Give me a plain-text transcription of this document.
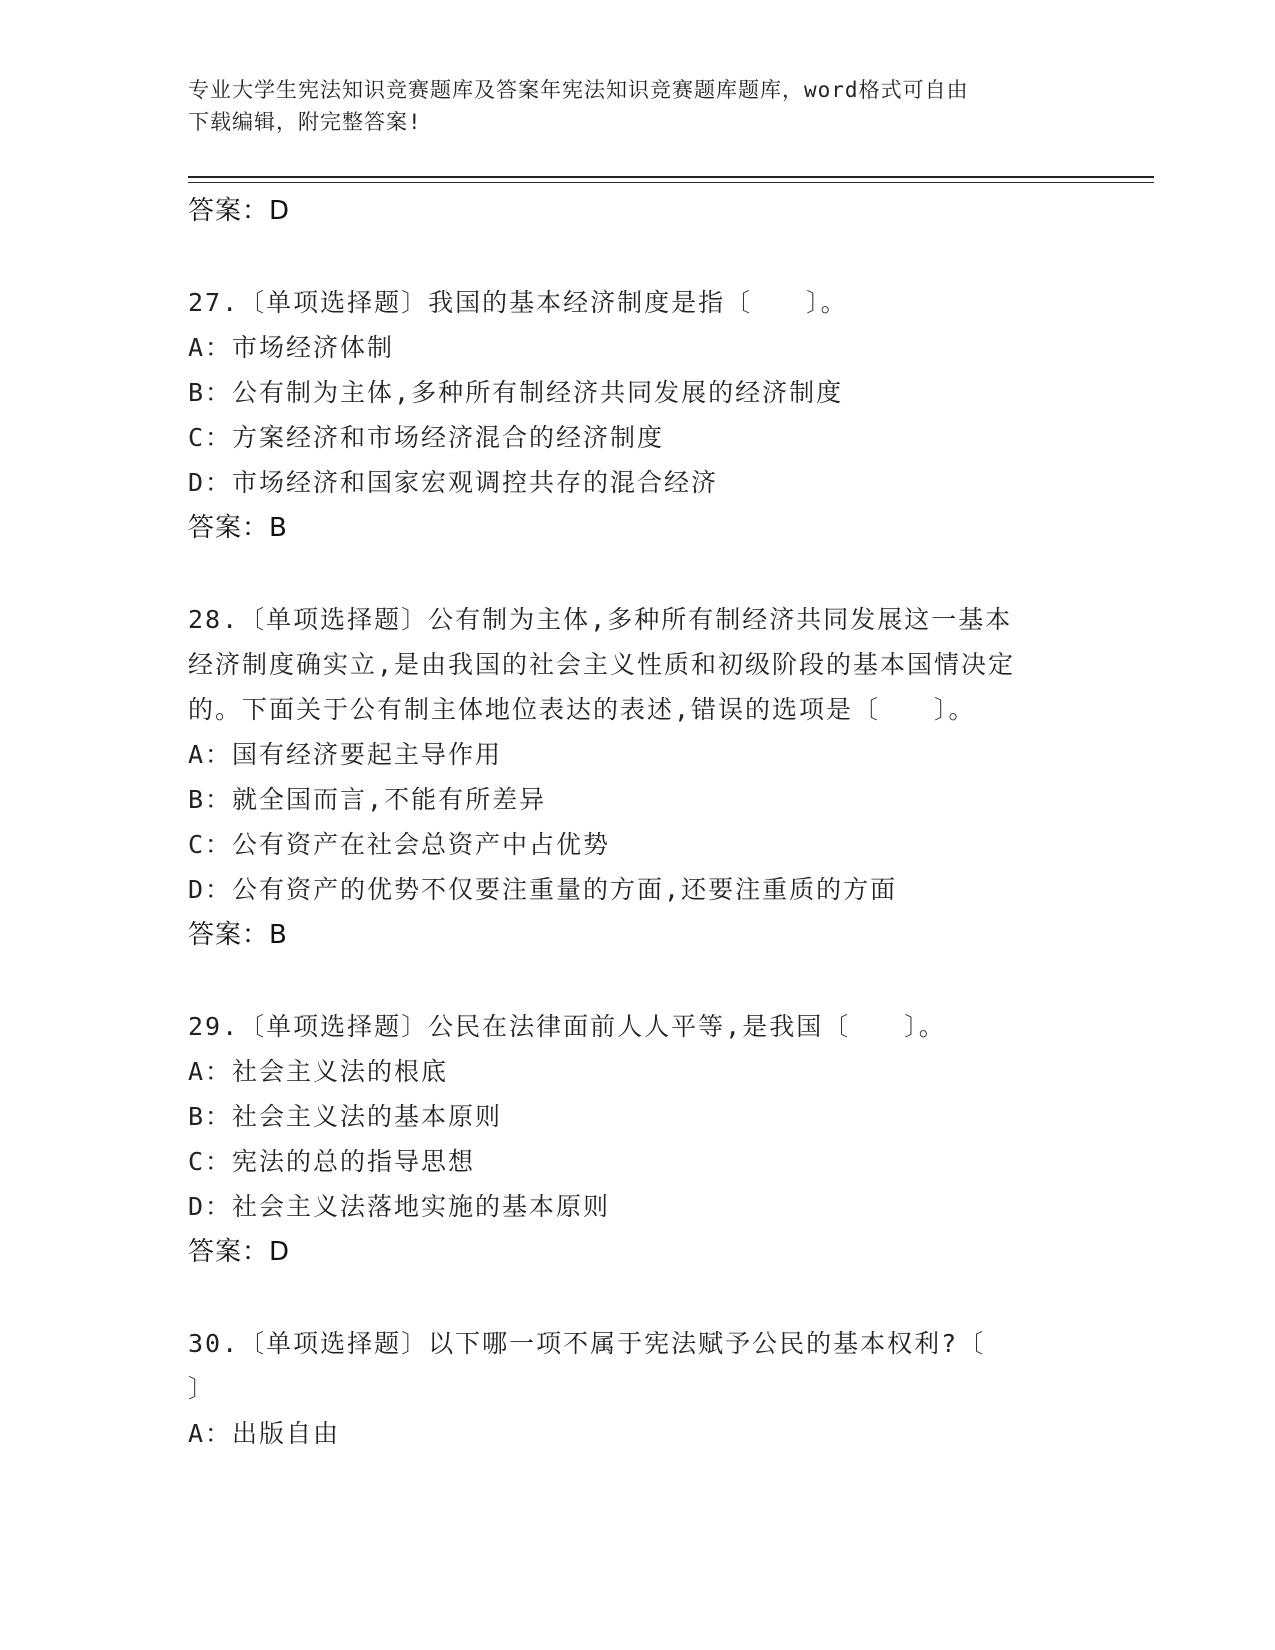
专业大学生宪法知识竞赛题库及答案年宪法知识竞赛题库题库，word格式可自由
下载编辑，附完整答案!
答案：D
27.〔单项选择题〕我国的基本经济制度是指〔　　〕。
A：市场经济体制
B：公有制为主体,多种所有制经济共同发展的经济制度
C：方案经济和市场经济混合的经济制度
D：市场经济和国家宏观调控共存的混合经济
答案：B
28.〔单项选择题〕公有制为主体,多种所有制经济共同发展这一基本
经济制度确实立,是由我国的社会主义性质和初级阶段的基本国情决定
的。下面关于公有制主体地位表达的表述,错误的选项是〔　　〕。
A：国有经济要起主导作用
B：就全国而言,不能有所差异
C：公有资产在社会总资产中占优势
D：公有资产的优势不仅要注重量的方面,还要注重质的方面
答案：B
29.〔单项选择题〕公民在法律面前人人平等,是我国〔　　〕。
A：社会主义法的根底
B：社会主义法的基本原则
C：宪法的总的指导思想
D：社会主义法落地实施的基本原则
答案：D
30.〔单项选择题〕以下哪一项不属于宪法赋予公民的基本权利?〔
〕
A：出版自由
